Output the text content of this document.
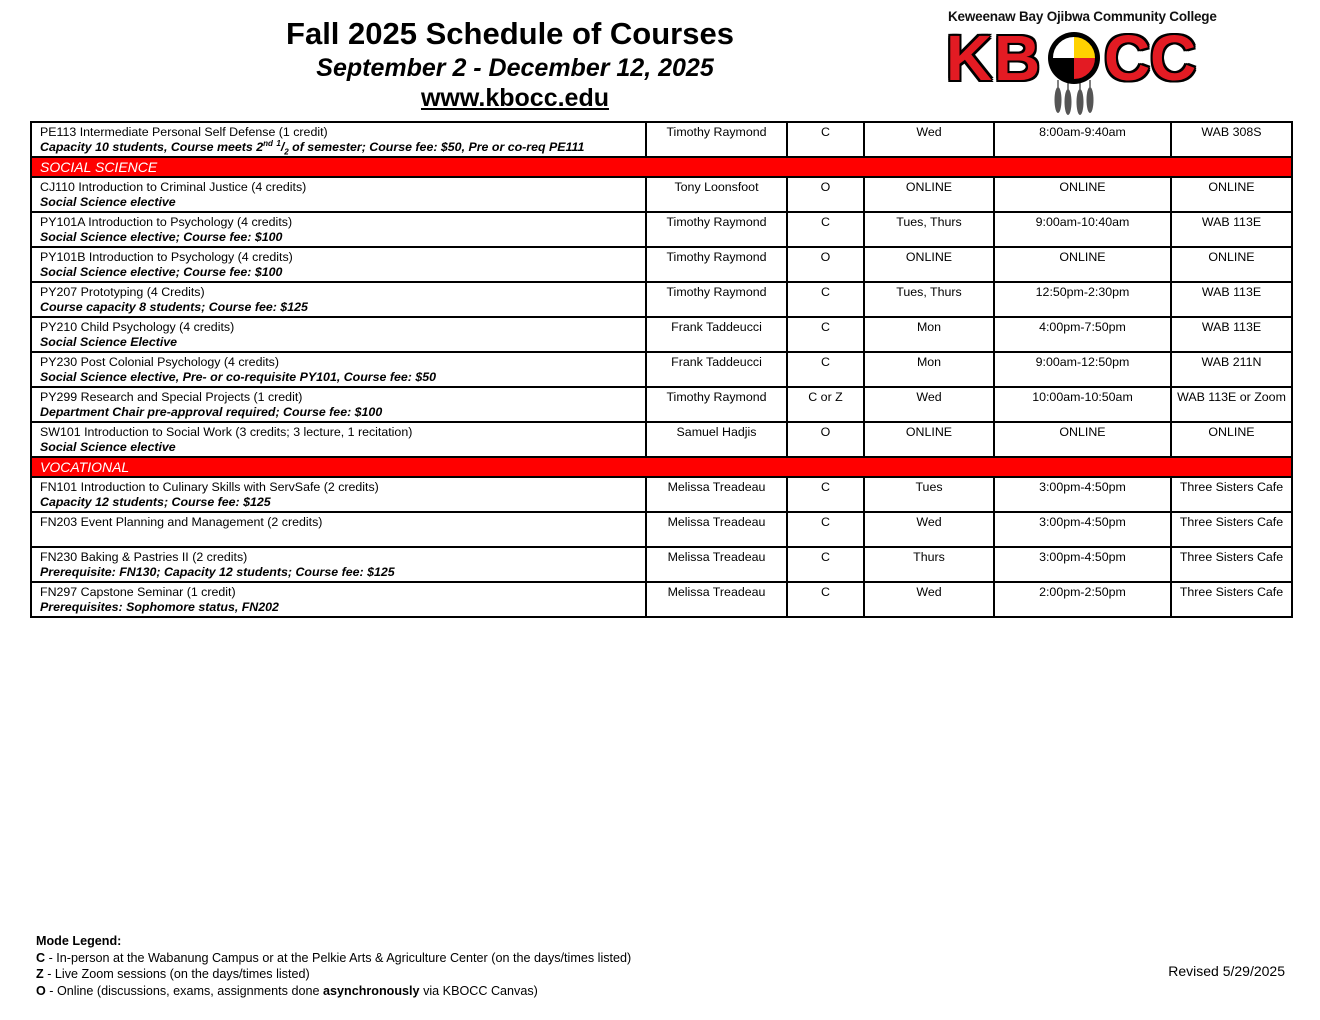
Fall 2025 Schedule of Courses
September 2 - December 12, 2025
www.kbocc.edu
Keweenaw Bay Ojibwa Community College
K B C C
PE113 Intermediate Personal Self Defense (1 credit)
Capacity 10 students, Course meets 2nd $^1/_2$ of semester; Course fee: $50, Pre or co-req PE111	Timothy Raymond	C	Wed	8:00am-9:40am	WAB 308S
SOCIAL SCIENCE					
CJ110 Introduction to Criminal Justice (4 credits)
Social Science elective	Tony Loonsfoot	O	ONLINE	ONLINE	ONLINE
PY101A Introduction to Psychology (4 credits)
Social Science elective; Course fee: $100	Timothy Raymond	C	Tues, Thurs	9:00am-10:40am	WAB 113E
PY101B Introduction to Psychology (4 credits)
Social Science elective; Course fee: $100	Timothy Raymond	O	ONLINE	ONLINE	ONLINE
PY207 Prototyping (4 Credits)
Course capacity 8 students; Course fee: $125	Timothy Raymond	C	Tues, Thurs	12:50pm-2:30pm	WAB 113E
PY210 Child Psychology (4 credits)
Social Science Elective	Frank Taddeucci	C	Mon	4:00pm-7:50pm	WAB 113E
PY230 Post Colonial Psychology (4 credits)
Social Science elective, Pre- or co-requisite PY101, Course fee: $50	Frank Taddeucci	C	Mon	9:00am-12:50pm	WAB 211N
PY299 Research and Special Projects (1 credit)
Department Chair pre-approval required; Course fee: $100	Timothy Raymond	C or Z	Wed	10:00am-10:50am	WAB 113E or Zoom
SW101 Introduction to Social Work (3 credits; 3 lecture, 1 recitation)
Social Science elective	Samuel Hadjis	O	ONLINE	ONLINE	ONLINE
VOCATIONAL					
FN101 Introduction to Culinary Skills with ServSafe (2 credits)
Capacity 12 students; Course fee: $125	Melissa Treadeau	C	Tues	3:00pm-4:50pm	Three Sisters Cafe
FN203 Event Planning and Management (2 credits)	Melissa Treadeau	C	Wed	3:00pm-4:50pm	Three Sisters Cafe
FN230 Baking & Pastries II (2 credits)
Prerequisite: FN130; Capacity 12 students; Course fee: $125	Melissa Treadeau	C	Thurs	3:00pm-4:50pm	Three Sisters Cafe
FN297 Capstone Seminar (1 credit)
Prerequisites: Sophomore status, FN202	Melissa Treadeau	C	Wed	2:00pm-2:50pm	Three Sisters Cafe
Mode Legend:
C - In-person at the Wabanung Campus or at the Pelkie Arts & Agriculture Center (on the days/times listed)
Z - Live Zoom sessions (on the days/times listed)
O - Online (discussions, exams, assignments done asynchronously via KBOCC Canvas)
Revised 5/29/2025
